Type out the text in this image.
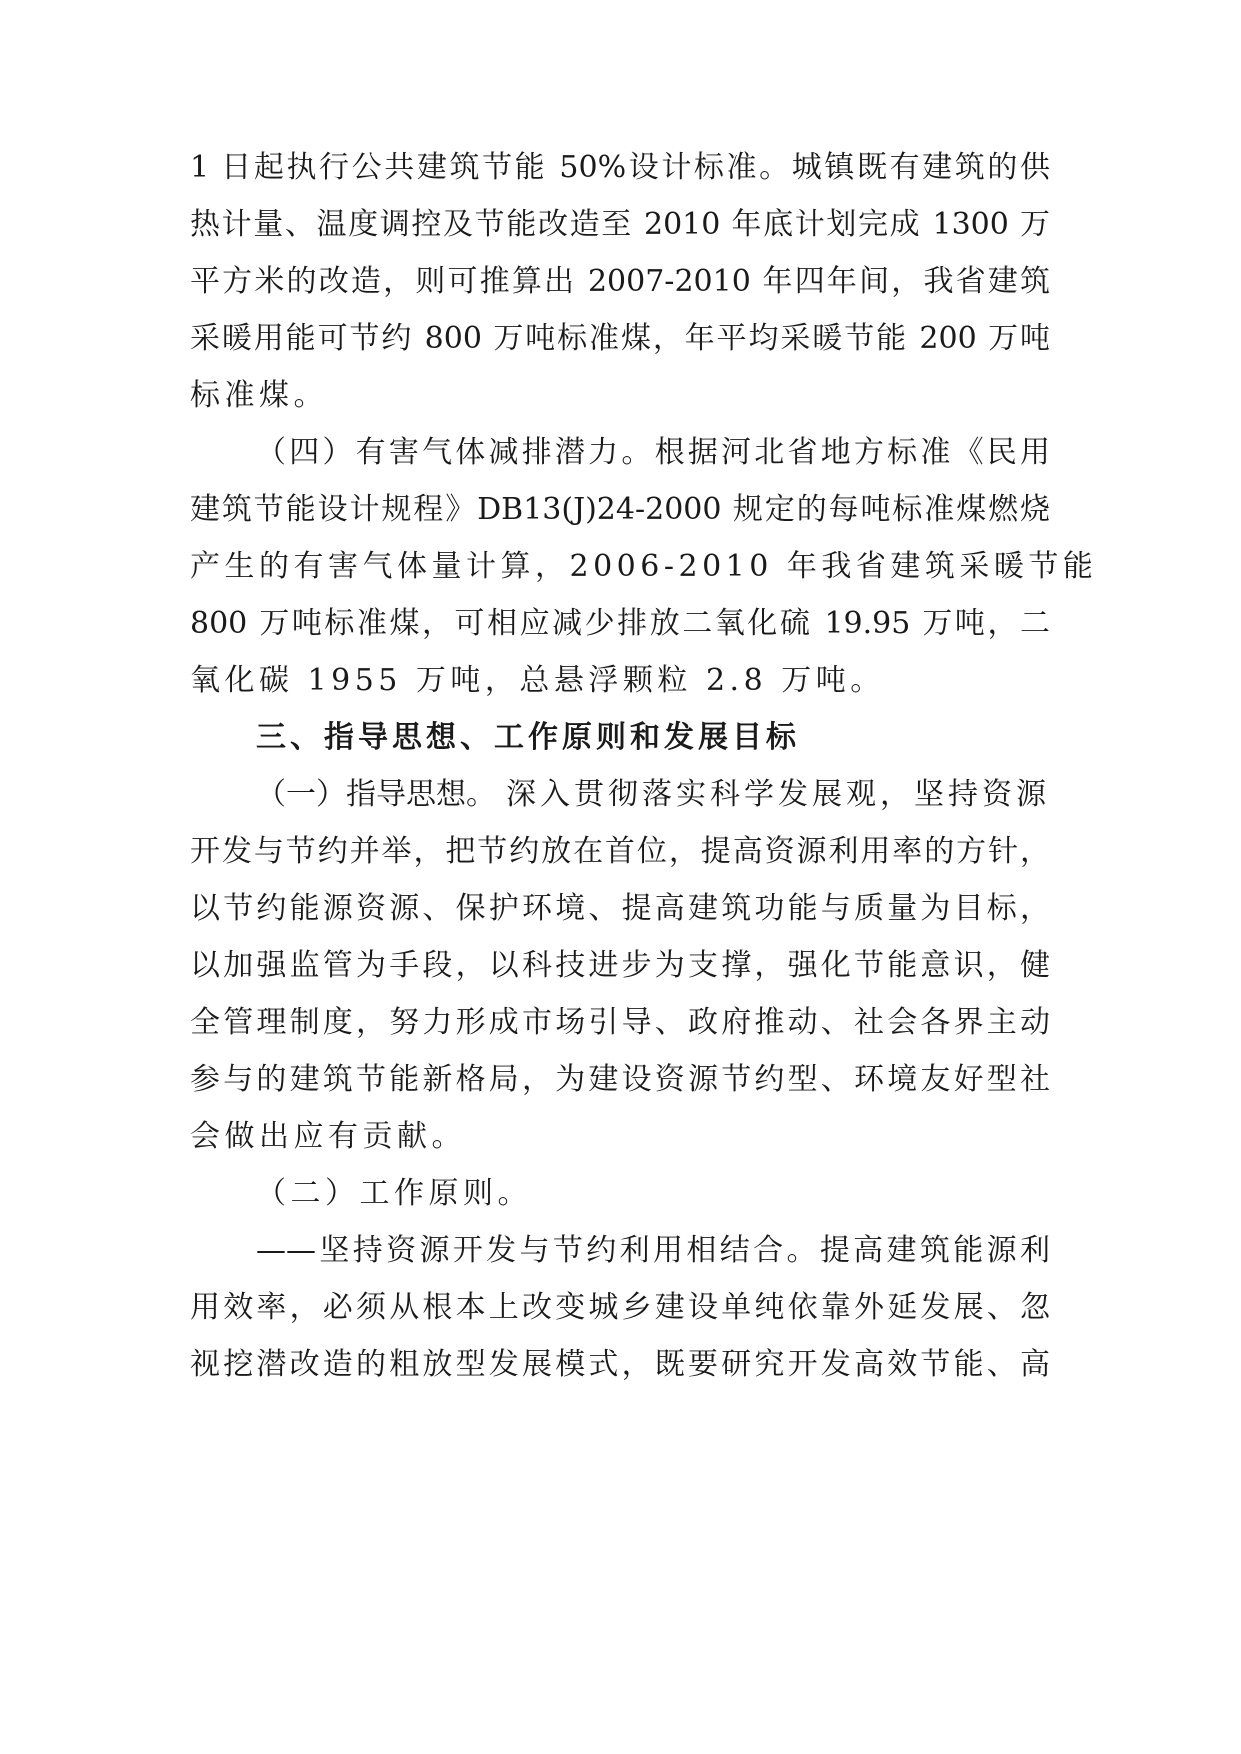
1 日起执行公共建筑节能 50%设计标准。城镇既有建筑的供
热计量、温度调控及节能改造至 2010 年底计划完成 1300 万
平方米的改造，则可推算出 2007-2010 年四年间，我省建筑
采暖用能可节约 800 万吨标准煤，年平均采暖节能 200 万吨
标准煤。
（四）有害气体减排潜力。根据河北省地方标准《民用
建筑节能设计规程》DB13(J)24-2000 规定的每吨标准煤燃烧
产生的有害气体量计算，2006-2010 年我省建筑采暖节能
800 万吨标准煤，可相应减少排放二氧化硫 19.95 万吨，二
氧化碳 1955 万吨，总悬浮颗粒 2.8 万吨。
三、指导思想、工作原则和发展目标
（一）指导思想。 深入贯彻落实科学发展观，坚持资源
开发与节约并举，把节约放在首位，提高资源利用率的方针，
以节约能源资源、保护环境、提高建筑功能与质量为目标，
以加强监管为手段，以科技进步为支撑，强化节能意识，健
全管理制度，努力形成市场引导、政府推动、社会各界主动
参与的建筑节能新格局，为建设资源节约型、环境友好型社
会做出应有贡献。
（二）工作原则。
——坚持资源开发与节约利用相结合。提高建筑能源利
用效率，必须从根本上改变城乡建设单纯依靠外延发展、忽
视挖潜改造的粗放型发展模式，既要研究开发高效节能、高
